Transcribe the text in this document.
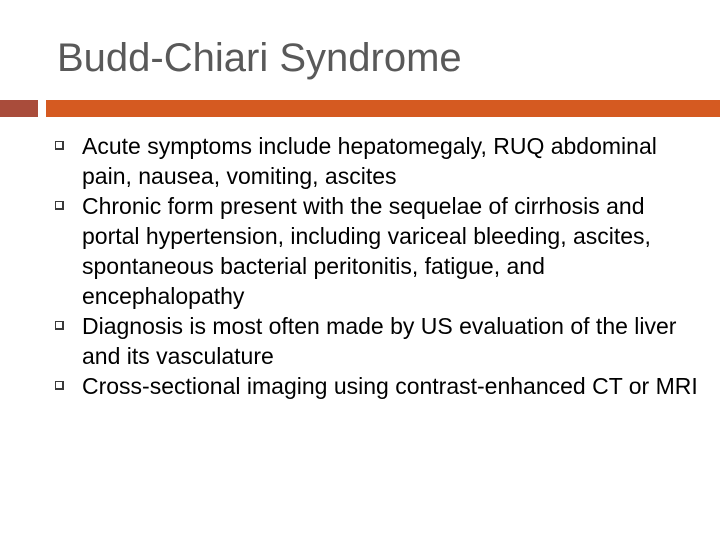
Budd-Chiari Syndrome
Acute symptoms include hepatomegaly, RUQ abdominal pain, nausea, vomiting, ascites
Chronic form present with the sequelae of cirrhosis and portal hypertension, including variceal bleeding, ascites, spontaneous bacterial peritonitis, fatigue, and encephalopathy
Diagnosis is most often made by US evaluation of the liver and its vasculature
Cross-sectional imaging using contrast-enhanced CT or MRI
